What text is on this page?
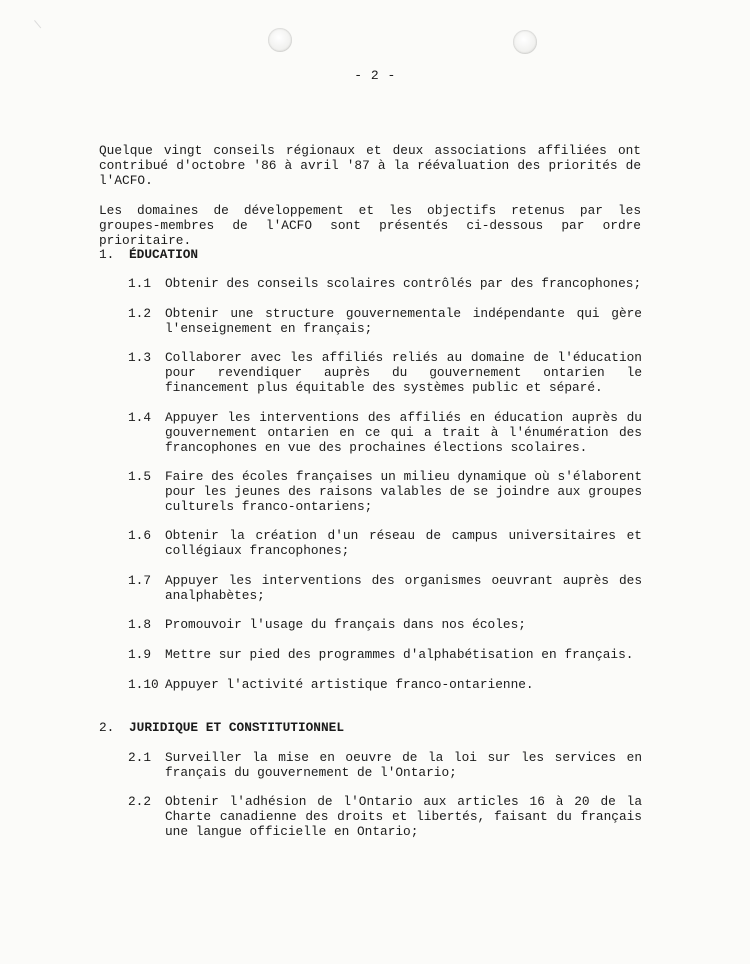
- 2 -
Quelque vingt conseils régionaux et deux associations affiliées ont contribué d'octobre '86 à avril '87 à la réévaluation des priorités de l'ACFO.
Les domaines de développement et les objectifs retenus par les groupes-membres de l'ACFO sont présentés ci-dessous par ordre prioritaire.
1. ÉDUCATION
1.1	Obtenir des conseils scolaires contrôlés par des francophones;
1.2	Obtenir une structure gouvernementale indépendante qui gère l'enseignement en français;
1.3	Collaborer avec les affiliés reliés au domaine de l'éducation pour revendiquer auprès du gouvernement ontarien le financement plus équitable des systèmes public et séparé.
1.4	Appuyer les interventions des affiliés en éducation auprès du gouvernement ontarien en ce qui a trait à l'énumération des francophones en vue des prochaines élections scolaires.
1.5	Faire des écoles françaises un milieu dynamique où s'élaborent pour les jeunes des raisons valables de se joindre aux groupes culturels franco-ontariens;
1.6	Obtenir la création d'un réseau de campus universitaires et collégiaux francophones;
1.7	Appuyer les interventions des organismes oeuvrant auprès des analphabètes;
1.8	Promouvoir l'usage du français dans nos écoles;
1.9	Mettre sur pied des programmes d'alphabétisation en français.
1.10 Appuyer l'activité artistique franco-ontarienne.
2. JURIDIQUE ET CONSTITUTIONNEL
2.1	Surveiller la mise en oeuvre de la loi sur les services en français du gouvernement de l'Ontario;
2.2	Obtenir l'adhésion de l'Ontario aux articles 16 à 20 de la Charte canadienne des droits et libertés, faisant du français une langue officielle en Ontario;
